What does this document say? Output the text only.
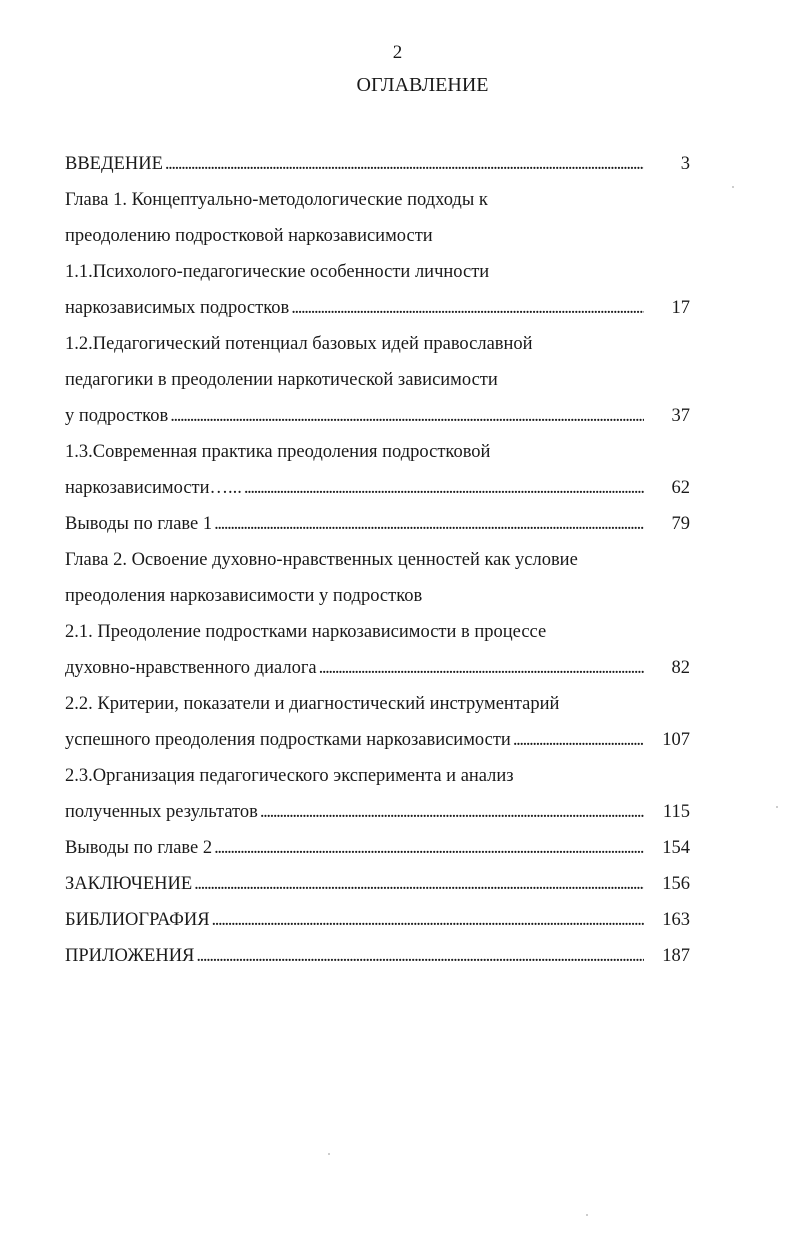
2
ОГЛАВЛЕНИЕ
ВВЕДЕНИЕ . . .	3
Глава 1. Концептуально-методологические подходы к
преодолению подростковой наркозависимости
1.1.Психолого-педагогические особенности личности
наркозависимых подростков . . .	17
1.2.Педагогический потенциал базовых идей православной
педагогики в преодолении наркотической зависимости
у подростков . . .	37
1.3.Современная практика преодоления подростковой
наркозависимости…... . . .	62
Выводы по главе 1 . . .	79
Глава 2. Освоение духовно-нравственных ценностей как условие
преодоления наркозависимости у подростков
2.1. Преодоление подростками наркозависимости в процессе
духовно-нравственного диалога . . .	82
2.2. Критерии, показатели и диагностический инструментарий
успешного преодоления подростками наркозависимости . . .	107
2.3.Организация педагогического эксперимента и анализ
полученных результатов . . .	115
Выводы по главе 2 . . .	154
ЗАКЛЮЧЕНИЕ . . .	156
БИБЛИОГРАФИЯ . . .	163
ПРИЛОЖЕНИЯ . . .	187
